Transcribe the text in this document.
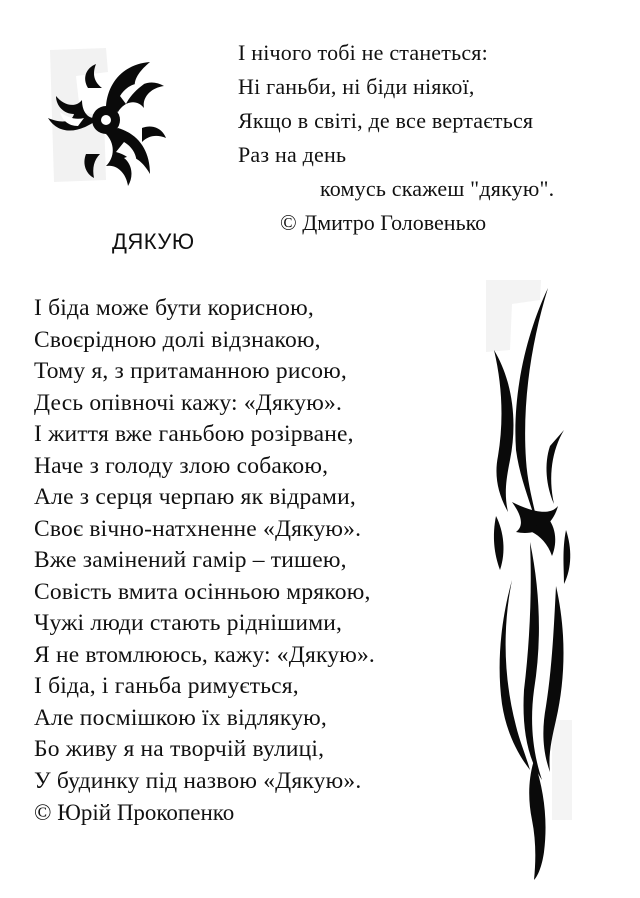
І нічого тобі не станеться:
Ні ганьби, ні біди ніякої,
Якщо в світі, де все вертається
Раз на день
комусь скажеш "дякую".
© Дмитро Головенько
ДЯКУЮ
І біда може бути корисною,
Своєрідною долі відзнакою,
Тому я, з притаманною рисою,
Десь опівночі кажу: «Дякую».
І життя вже ганьбою розірване,
Наче з голоду злою собакою,
Але з серця черпаю як відрами,
Своє вічно-натхненне «Дякую».
Вже замінений гамір – тишею,
Совість вмита осінньою мрякою,
Чужі люди стають ріднішими,
Я не втомлююсь, кажу: «Дякую».
І біда, і ганьба римується,
Але посмішкою їх відлякую,
Бо живу я на творчій вулиці,
У будинку під назвою «Дякую».
© Юрій Прокопенко
